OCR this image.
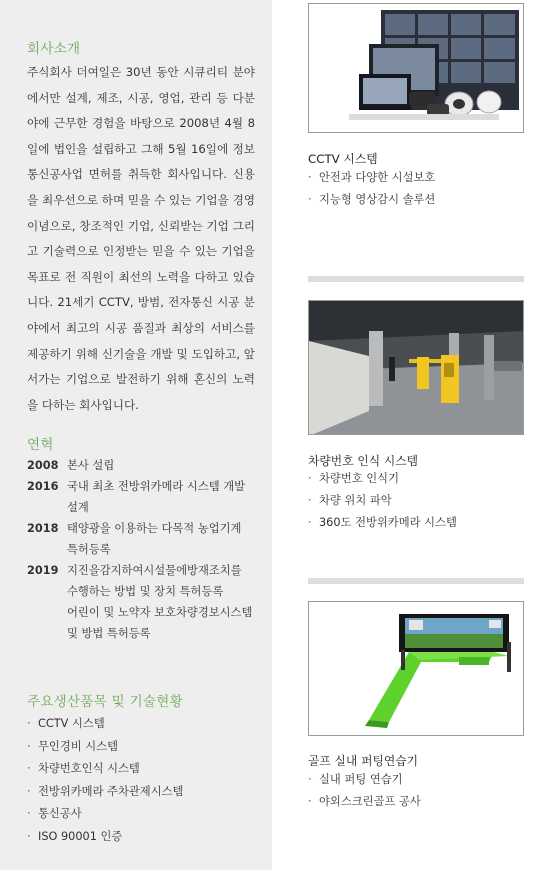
회사소개

주식회사 더여일은 30년 동안 시큐리티 분야에서만 설계, 제조, 시공, 영업, 관리 등 다분야에 근무한 경험을 바탕으로 2008년 4월 8일에 법인을 설립하고 그해 5월 16일에 정보통신공사업 면허를 취득한 회사입니다. 신용을 최우선으로 하며 믿을 수 있는 기업을 경영이념으로, 창조적인 기업, 신뢰받는 기업 그리고 기술력으로 인정받는 믿을 수 있는 기업을 목표로 전 직원이 최선의 노력을 다하고 있습니다. 21세기 CCTV, 방범, 전자통신 시공 분야에서 최고의 시공 품질과 최상의 서비스를 제공하기 위해 신기술을 개발 및 도입하고, 앞서가는 기업으로 발전하기 위해 혼신의 노력을 다하는 회사입니다.

연혁
2008 본사 설립
2016 국내 최초 전방위카메라 시스템 개발
설계
2018 태양광을 이용하는 다목적 농업기계
특허등록
2019 지진을감지하여시설물에방재조치를
수행하는 방법 및 장치 특허등록
어린이 및 노약자 보호차량경보시스템
및 방법 특허등록
주요생산품목 및 기술현황
· CCTV 시스템
· 무인경비 시스템
· 차량번호인식 시스템
· 전방위카메라 주차관제시스템
· 통신공사
· ISO 90001 인증
CCTV 시스템
· 안전과 다양한 시설보호
· 지능형 영상감시 솔루션
차량번호 인식 시스템
· 차량번호 인식기
· 차량 위치 파악
· 360도 전방위카메라 시스템
골프 실내 퍼팅연습기
· 실내 퍼팅 연습기
· 야외스크린골프 공사
